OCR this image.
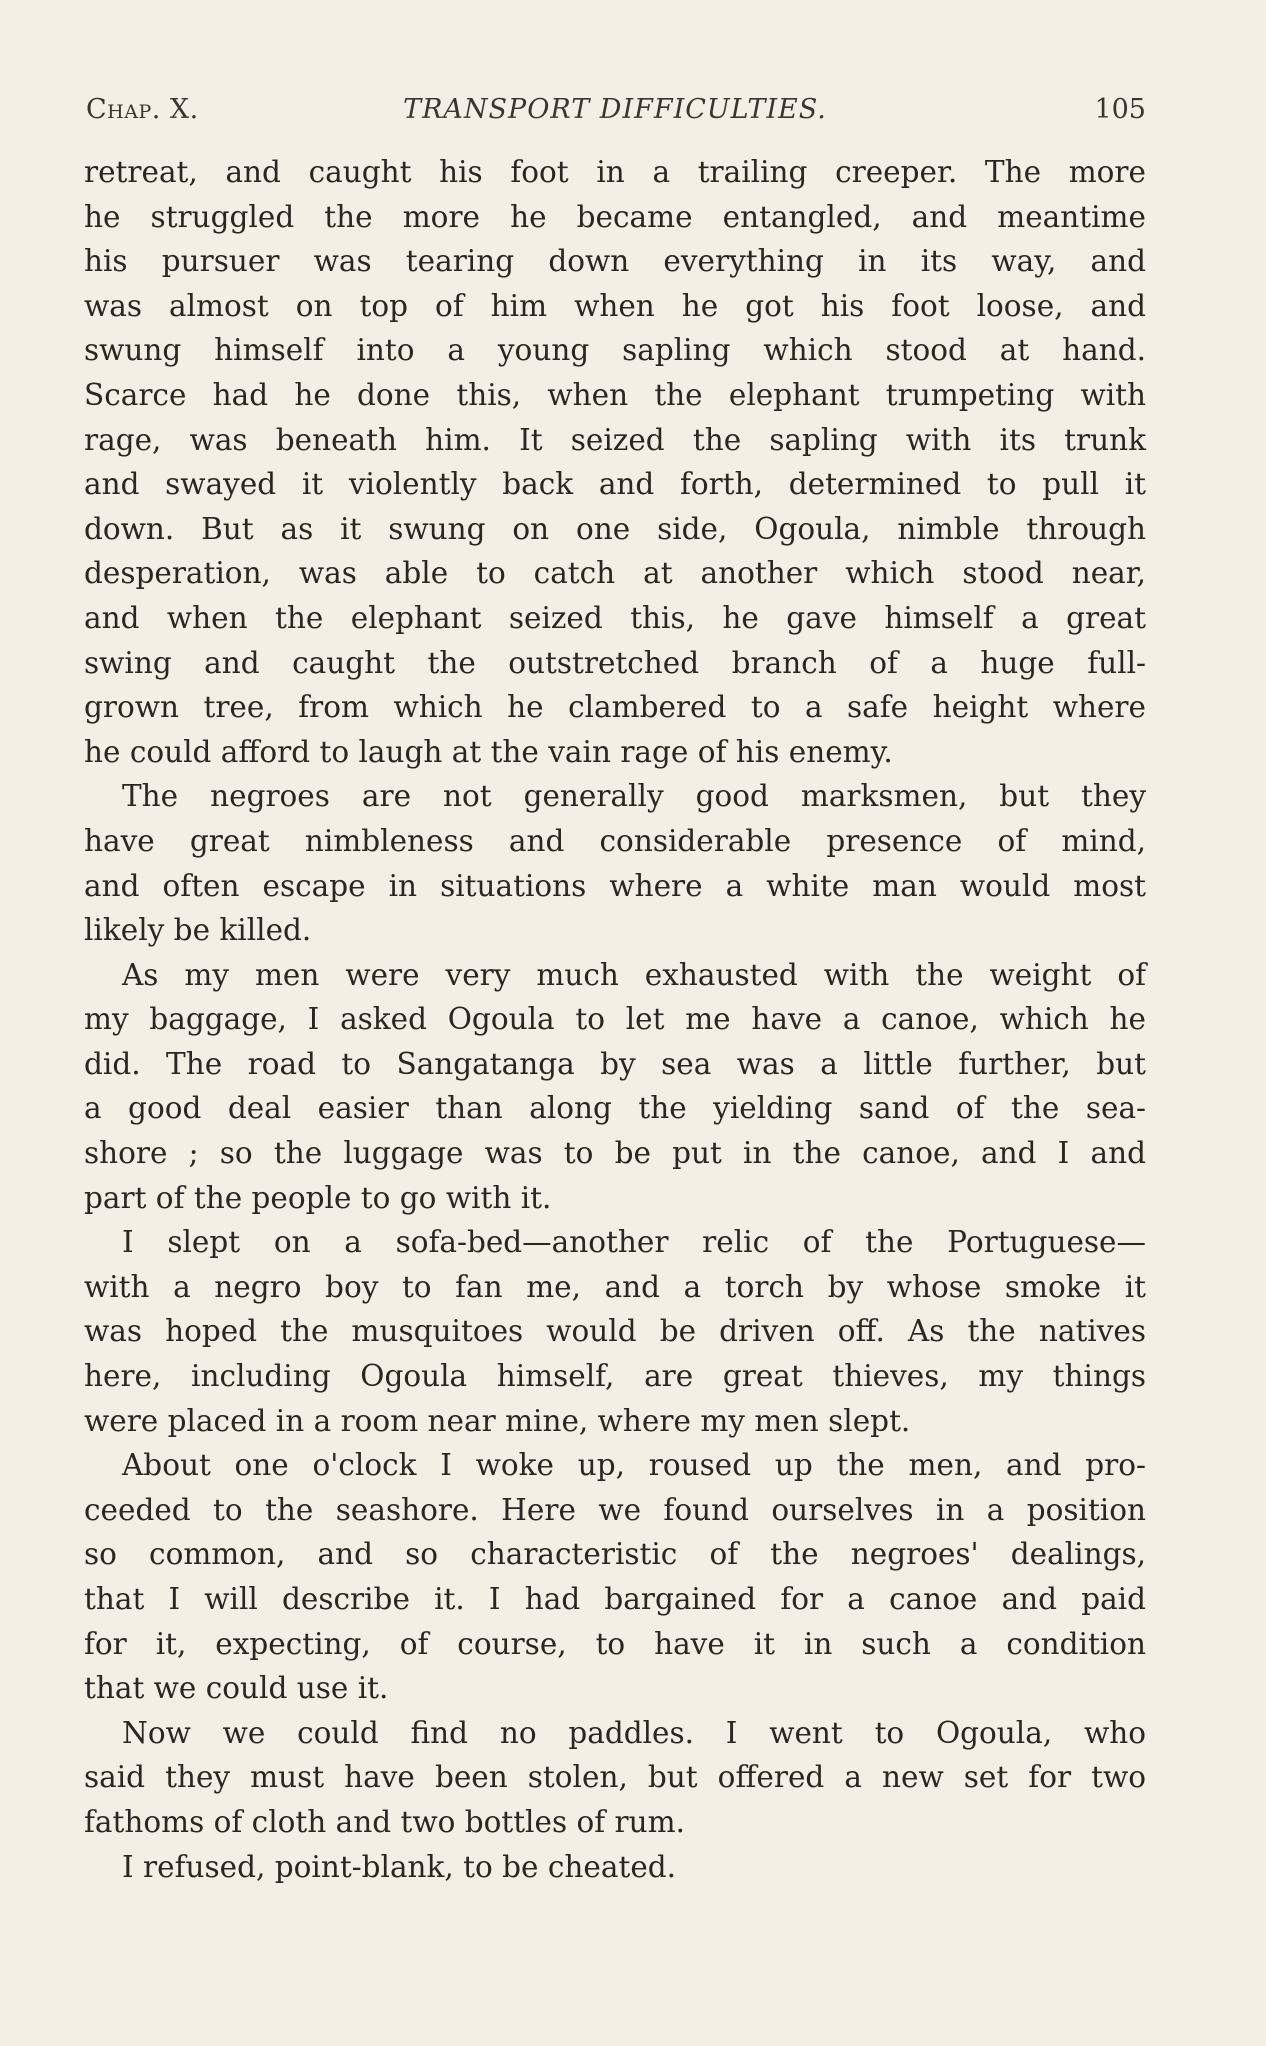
Chap. X.	TRANSPORT DIFFICULTIES.	105

retreat, and caught his foot in a trailing creeper. The more
he struggled the more he became entangled, and meantime
his pursuer was tearing down everything in its way, and
was almost on top of him when he got his foot loose, and
swung himself into a young sapling which stood at hand.
Scarce had he done this, when the elephant trumpeting with
rage, was beneath him. It seized the sapling with its trunk
and swayed it violently back and forth, determined to pull it
down. But as it swung on one side, Ogoula, nimble through
desperation, was able to catch at another which stood near,
and when the elephant seized this, he gave himself a great
swing and caught the outstretched branch of a huge full-
grown tree, from which he clambered to a safe height where
he could afford to laugh at the vain rage of his enemy.

The negroes are not generally good marksmen, but they
have great nimbleness and considerable presence of mind,
and often escape in situations where a white man would most
likely be killed.

As my men were very much exhausted with the weight of
my baggage, I asked Ogoula to let me have a canoe, which he
did. The road to Sangatanga by sea was a little further, but
a good deal easier than along the yielding sand of the sea-
shore ; so the luggage was to be put in the canoe, and I and
part of the people to go with it.

I slept on a sofa-bed—another relic of the Portuguese—
with a negro boy to fan me, and a torch by whose smoke it
was hoped the musquitoes would be driven off. As the natives
here, including Ogoula himself, are great thieves, my things
were placed in a room near mine, where my men slept.

About one o'clock I woke up, roused up the men, and pro-
ceeded to the seashore. Here we found ourselves in a position
so common, and so characteristic of the negroes' dealings,
that I will describe it. I had bargained for a canoe and paid
for it, expecting, of course, to have it in such a condition
that we could use it.

Now we could find no paddles. I went to Ogoula, who
said they must have been stolen, but offered a new set for two
fathoms of cloth and two bottles of rum.

I refused, point-blank, to be cheated.
